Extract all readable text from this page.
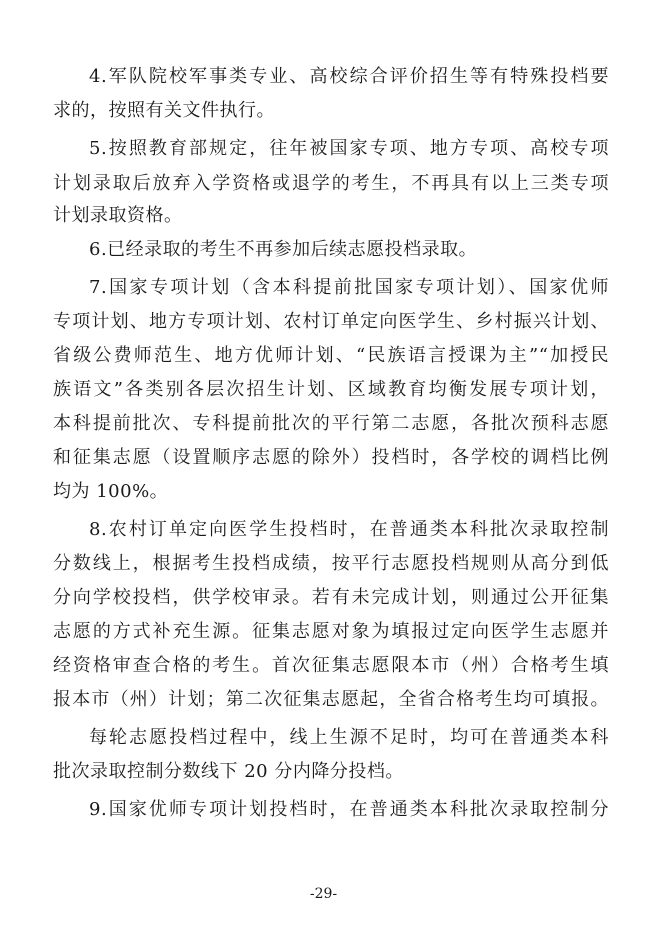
4.军队院校军事类专业、高校综合评价招生等有特殊投档要
求的，按照有关文件执行。
5.按照教育部规定，往年被国家专项、地方专项、高校专项
计划录取后放弃入学资格或退学的考生，不再具有以上三类专项
计划录取资格。
6.已经录取的考生不再参加后续志愿投档录取。
7.国家专项计划（含本科提前批国家专项计划）、国家优师
专项计划、地方专项计划、农村订单定向医学生、乡村振兴计划、
省级公费师范生、地方优师计划、“民族语言授课为主”“加授民
族语文”各类别各层次招生计划、区域教育均衡发展专项计划，
本科提前批次、专科提前批次的平行第二志愿，各批次预科志愿
和征集志愿（设置顺序志愿的除外）投档时，各学校的调档比例
均为 100%。
8.农村订单定向医学生投档时，在普通类本科批次录取控制
分数线上，根据考生投档成绩，按平行志愿投档规则从高分到低
分向学校投档，供学校审录。若有未完成计划，则通过公开征集
志愿的方式补充生源。征集志愿对象为填报过定向医学生志愿并
经资格审查合格的考生。首次征集志愿限本市（州）合格考生填
报本市（州）计划；第二次征集志愿起，全省合格考生均可填报。
-29-
每轮志愿投档过程中，线上生源不足时，均可在普通类本科
批次录取控制分数线下 20 分内降分投档。
9.国家优师专项计划投档时，在普通类本科批次录取控制分
